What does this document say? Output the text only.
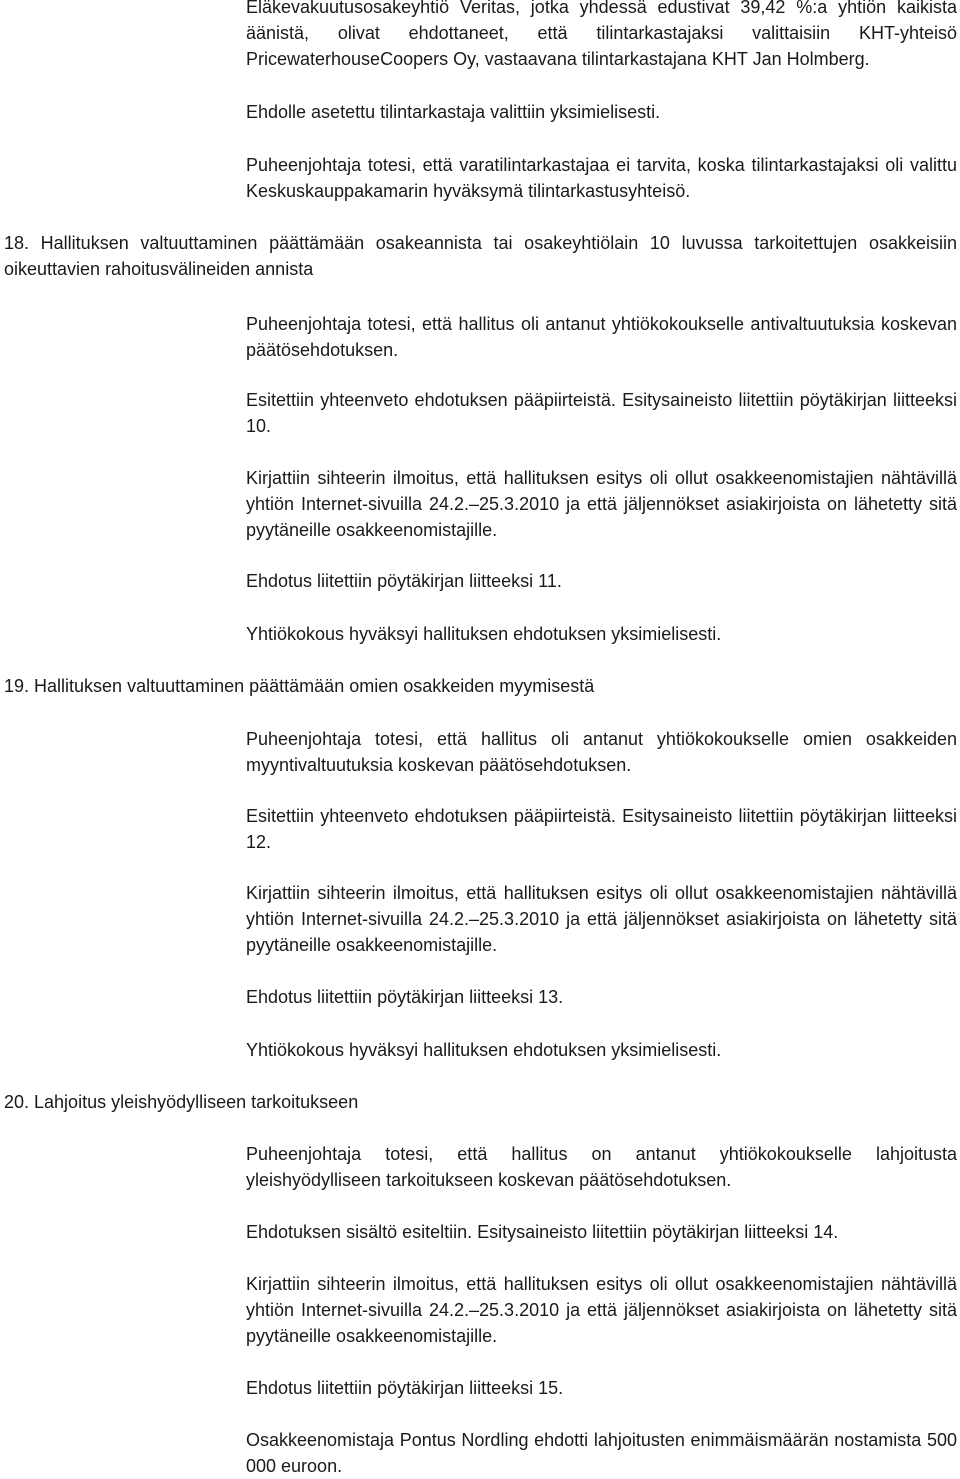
Eläkevakuutusosakeyhtiö Veritas, jotka yhdessä edustivat 39,42 %:a yhtiön kaikista äänistä, olivat ehdottaneet, että tilintarkastajaksi valittaisiin KHT-yhteisö PricewaterhouseCoopers Oy, vastaavana tilintarkastajana KHT Jan Holmberg.

Ehdolle asetettu tilintarkastaja valittiin yksimielisesti.

Puheenjohtaja totesi, että varatilintarkastajaa ei tarvita, koska tilintarkastajaksi oli valittu Keskuskauppakamarin hyväksymä tilintarkastusyhteisö.

18. Hallituksen valtuuttaminen päättämään osakeannista tai osakeyhtiölain 10 luvussa tarkoitettujen osakkeisiin oikeuttavien rahoitusvälineiden annista

Puheenjohtaja totesi, että hallitus oli antanut yhtiökokoukselle antivaltuutuksia koskevan päätösehdotuksen.

Esitettiin yhteenveto ehdotuksen pääpiirteistä. Esitysaineisto liitettiin pöytäkirjan liitteeksi 10.

Kirjattiin sihteerin ilmoitus, että hallituksen esitys oli ollut osakkeenomistajien nähtävillä yhtiön Internet-sivuilla 24.2.–25.3.2010 ja että jäljennökset asiakirjoista on lähetetty sitä pyytäneille osakkeenomistajille.

Ehdotus liitettiin pöytäkirjan liitteeksi 11.

Yhtiökokous hyväksyi hallituksen ehdotuksen yksimielisesti.

19. Hallituksen valtuuttaminen päättämään omien osakkeiden myymisestä

Puheenjohtaja totesi, että hallitus oli antanut yhtiökokoukselle omien osakkeiden myyntivaltuutuksia koskevan päätösehdotuksen.

Esitettiin yhteenveto ehdotuksen pääpiirteistä. Esitysaineisto liitettiin pöytäkirjan liitteeksi 12.

Kirjattiin sihteerin ilmoitus, että hallituksen esitys oli ollut osakkeenomistajien nähtävillä yhtiön Internet-sivuilla 24.2.–25.3.2010 ja että jäljennökset asiakirjoista on lähetetty sitä pyytäneille osakkeenomistajille.

Ehdotus liitettiin pöytäkirjan liitteeksi 13.

Yhtiökokous hyväksyi hallituksen ehdotuksen yksimielisesti.

20. Lahjoitus yleishyödylliseen tarkoitukseen

Puheenjohtaja totesi, että hallitus on antanut yhtiökokoukselle lahjoitusta yleishyödylliseen tarkoitukseen koskevan päätösehdotuksen.

Ehdotuksen sisältö esiteltiin. Esitysaineisto liitettiin pöytäkirjan liitteeksi 14.

Kirjattiin sihteerin ilmoitus, että hallituksen esitys oli ollut osakkeenomistajien nähtävillä yhtiön Internet-sivuilla 24.2.–25.3.2010 ja että jäljennökset asiakirjoista on lähetetty sitä pyytäneille osakkeenomistajille.

Ehdotus liitettiin pöytäkirjan liitteeksi 15.

Osakkeenomistaja Pontus Nordling ehdotti lahjoitusten enimmäismäärän nostamista 500 000 euroon.
